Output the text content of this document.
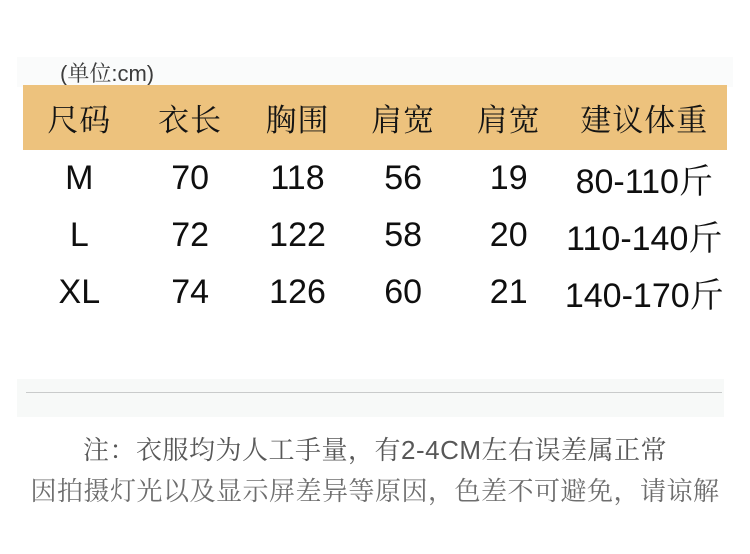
(单位:cm)
尺码	衣长	胸围	肩宽	肩宽	建议体重
M	70	118	56	19	80-110斤
L	72	122	58	20	110-140斤
XL	74	126	60	21	140-170斤
注：衣服均为人工手量，有2-4CM左右误差属正常
因拍摄灯光以及显示屏差异等原因，色差不可避免，请谅解
